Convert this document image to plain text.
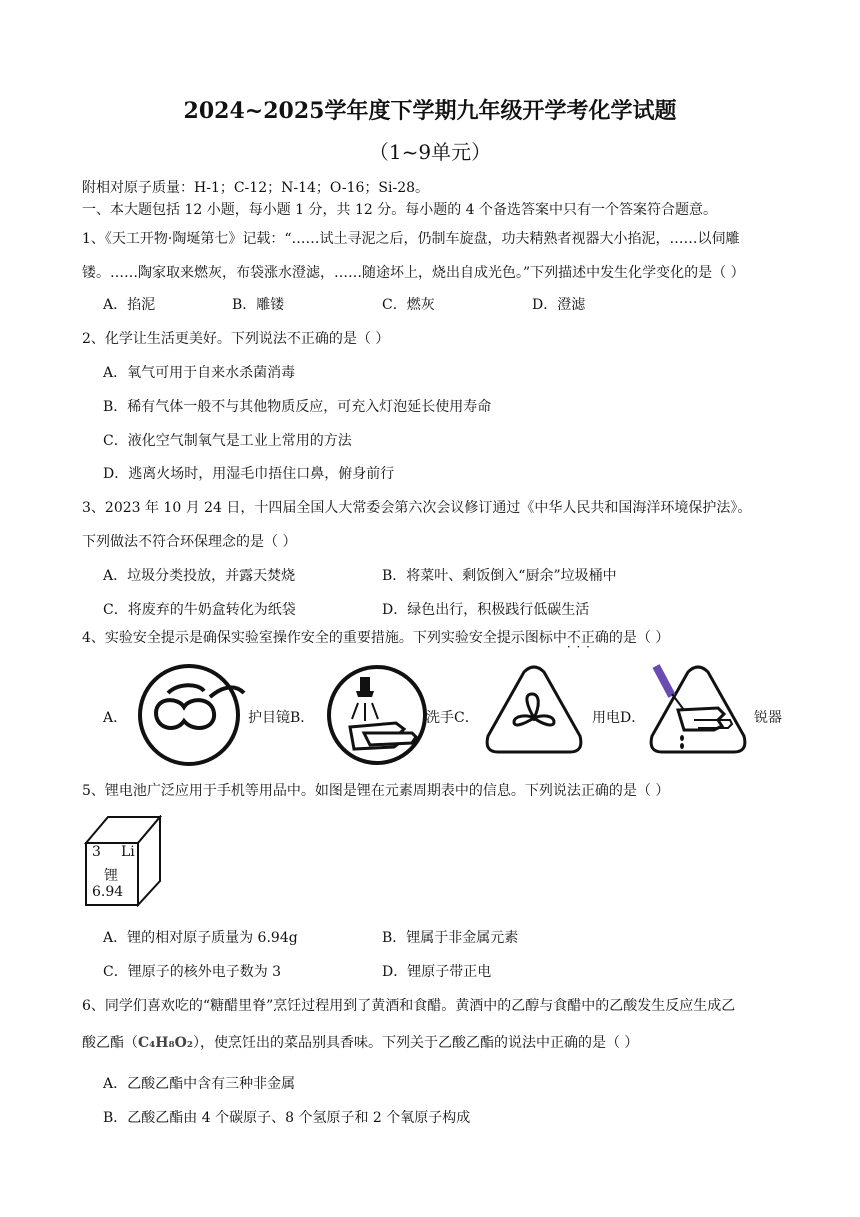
2024~2025学年度下学期九年级开学考化学试题
（1~9单元）
附相对原子质量：H-1；C-12；N-14；O-16；Si-28。
一、本大题包括 12 小题，每小题 1 分，共 12 分。每小题的 4 个备选答案中只有一个答案符合题意。
1、《天工开物·陶埏第七》记载：“……试土寻泥之后，仍制车旋盘，功夫精熟者视器大小掐泥，……以伺雕
镂。……陶家取来燃灰，布袋涨水澄滤，……随途坏上，烧出自成光色。”下列描述中发生化学变化的是（ ）
A．掐泥	B．雕镂	C．燃灰	D．澄滤
2、化学让生活更美好。下列说法不正确的是（ ）
A．氧气可用于自来水杀菌消毒
B．稀有气体一般不与其他物质反应，可充入灯泡延长使用寿命
C．液化空气制氧气是工业上常用的方法
D．逃离火场时，用湿毛巾捂住口鼻，俯身前行
3、2023 年 10 月 24 日，十四届全国人大常委会第六次会议修订通过《中华人民共和国海洋环境保护法》。
下列做法不符合环保理念的是（ ）
A．垃圾分类投放，并露天焚烧	B．将菜叶、剩饭倒入“厨余”垃圾桶中
C．将废弃的牛奶盒转化为纸袋	D．绿色出行，积极践行低碳生活
4、实验安全提示是确保实验室操作安全的重要措施。下列实验安全提示图标中不正确 · · ·的是（ ）
A．	护目镜B．	洗手C．	用电D．	锐器
5、锂电池广泛应用于手机等用品中。如图是锂在元素周期表中的信息。下列说法正确的是（ ）
3 Li
锂
6.94
A．锂的相对原子质量为 6.94g	B．锂属于非金属元素
C．锂原子的核外电子数为 3	D．锂原子带正电
6、同学们喜欢吃的“糖醋里脊”烹饪过程用到了黄酒和食醋。黄酒中的乙醇与食醋中的乙酸发生反应生成乙
酸乙酯（C₄H₈O₂），使烹饪出的菜品别具香味。下列关于乙酸乙酯的说法中正确的是（ ）
A．乙酸乙酯中含有三种非金属
B．乙酸乙酯由 4 个碳原子、8 个氢原子和 2 个氧原子构成
